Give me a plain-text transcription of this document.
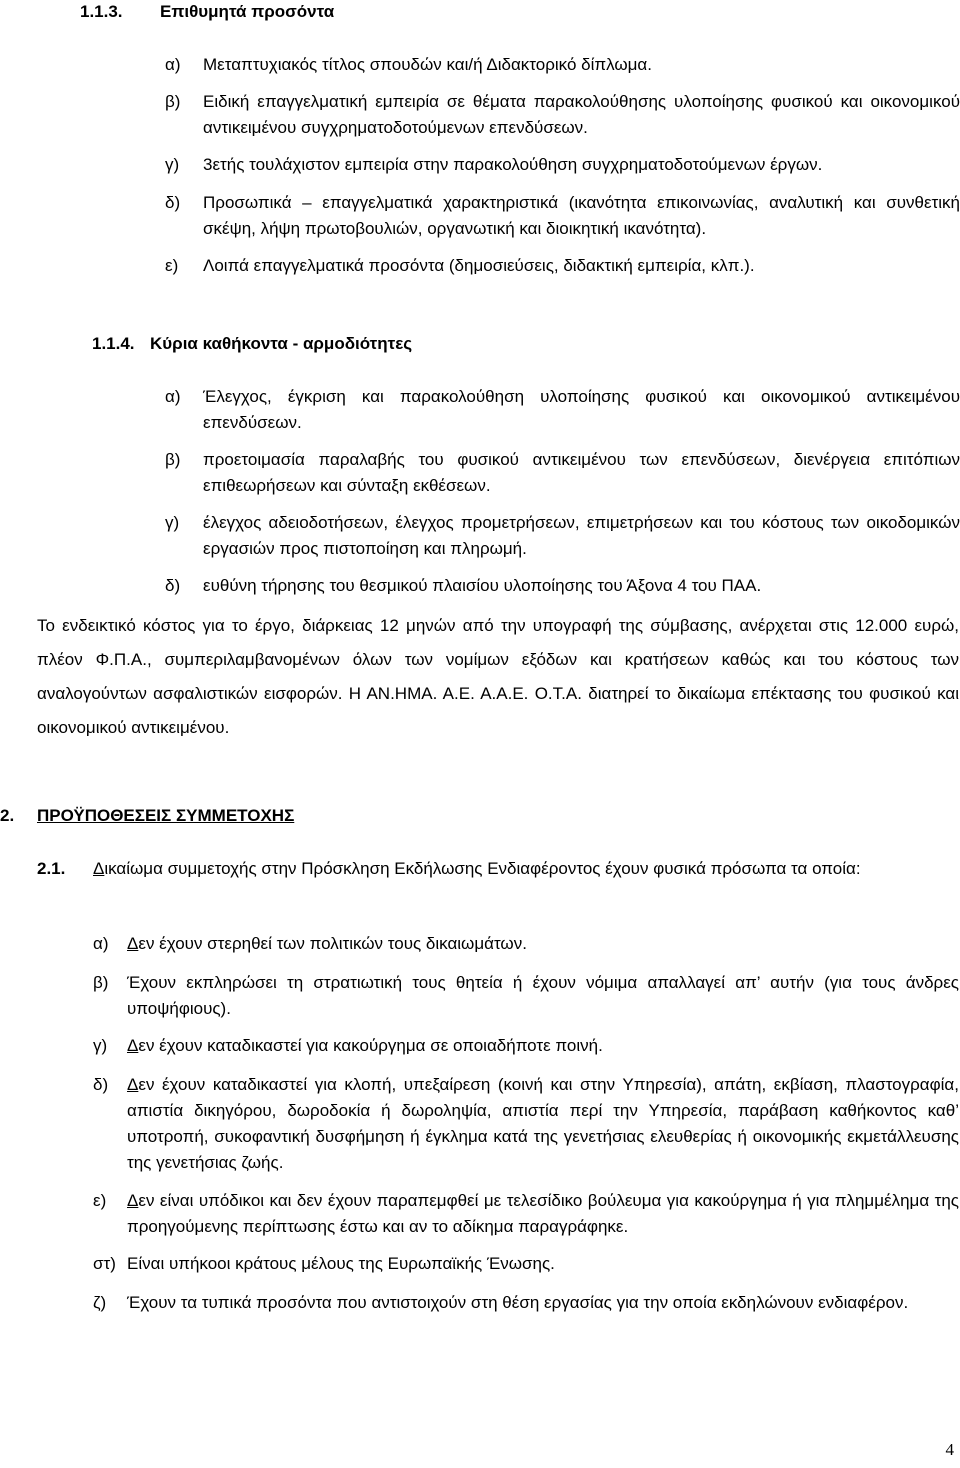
1.1.3. Επιθυμητά προσόντα
α)	Μεταπτυχιακός τίτλος σπουδών και/ή Διδακτορικό δίπλωμα.
β)	Ειδική επαγγελματική εμπειρία σε θέματα παρακολούθησης υλοποίησης φυσικού και οικονομικού αντικειμένου συγχρηματοδοτούμενων επενδύσεων.
γ)	3ετής τουλάχιστον εμπειρία στην παρακολούθηση συγχρηματοδοτούμενων έργων.
δ)	Προσωπικά – επαγγελματικά χαρακτηριστικά (ικανότητα επικοινωνίας, αναλυτική και συνθετική σκέψη, λήψη πρωτοβουλιών, οργανωτική και διοικητική ικανότητα).
ε)	Λοιπά επαγγελματικά προσόντα (δημοσιεύσεις, διδακτική εμπειρία, κλπ.).
1.1.4. Κύρια καθήκοντα - αρμοδιότητες
α)	Έλεγχος, έγκριση και παρακολούθηση υλοποίησης φυσικού και οικονομικού αντικειμένου επενδύσεων.
β)	προετοιμασία παραλαβής του φυσικού αντικειμένου των επενδύσεων, διενέργεια επιτόπιων επιθεωρήσεων και σύνταξη εκθέσεων.
γ)	έλεγχος αδειοδοτήσεων, έλεγχος προμετρήσεων, επιμετρήσεων και του κόστους των οικοδομικών εργασιών προς πιστοποίηση και πληρωμή.
δ)	ευθύνη τήρησης του θεσμικού πλαισίου υλοποίησης του Άξονα 4 του ΠΑΑ.
Το ενδεικτικό κόστος για το έργο, διάρκειας 12 μηνών από την υπογραφή της σύμβασης, ανέρχεται στις 12.000 ευρώ, πλέον Φ.Π.Α., συμπεριλαμβανομένων όλων των νομίμων εξόδων και κρατήσεων καθώς και του κόστους των αναλογούντων ασφαλιστικών εισφορών. Η ΑΝ.ΗΜΑ. Α.Ε. Α.Α.Ε. Ο.Τ.Α. διατηρεί το δικαίωμα επέκτασης του φυσικού και οικονομικού αντικειμένου.
2. ΠΡΟΫΠΟΘΕΣΕΙΣ ΣΥΜΜΕΤΟΧΗΣ
2.1.	Δικαίωμα συμμετοχής στην Πρόσκληση Εκδήλωσης Ενδιαφέροντος έχουν φυσικά πρόσωπα τα οποία:
α)	Δεν έχουν στερηθεί των πολιτικών τους δικαιωμάτων.
β)	Έχουν εκπληρώσει τη στρατιωτική τους θητεία ή έχουν νόμιμα απαλλαγεί απ’ αυτήν (για τους άνδρες υποψήφιους).
γ)	Δεν έχουν καταδικαστεί για κακούργημα σε οποιαδήποτε ποινή.
δ)	Δεν έχουν καταδικαστεί για κλοπή, υπεξαίρεση (κοινή και στην Υπηρεσία), απάτη, εκβίαση, πλαστογραφία, απιστία δικηγόρου, δωροδοκία ή δωροληψία, απιστία περί την Υπηρεσία, παράβαση καθήκοντος καθ’ υποτροπή, συκοφαντική δυσφήμηση ή έγκλημα κατά της γενετήσιας ελευθερίας ή οικονομικής εκμετάλλευσης της γενετήσιας ζωής.
ε)	Δεν είναι υπόδικοι και δεν έχουν παραπεμφθεί με τελεσίδικο βούλευμα για κακούργημα ή για πλημμέλημα της προηγούμενης περίπτωσης έστω και αν το αδίκημα παραγράφηκε.
στ) Είναι υπήκοοι κράτους μέλους της Ευρωπαϊκής Ένωσης.
ζ)	Έχουν τα τυπικά προσόντα που αντιστοιχούν στη θέση εργασίας για την οποία εκδηλώνουν ενδιαφέρον.
4
